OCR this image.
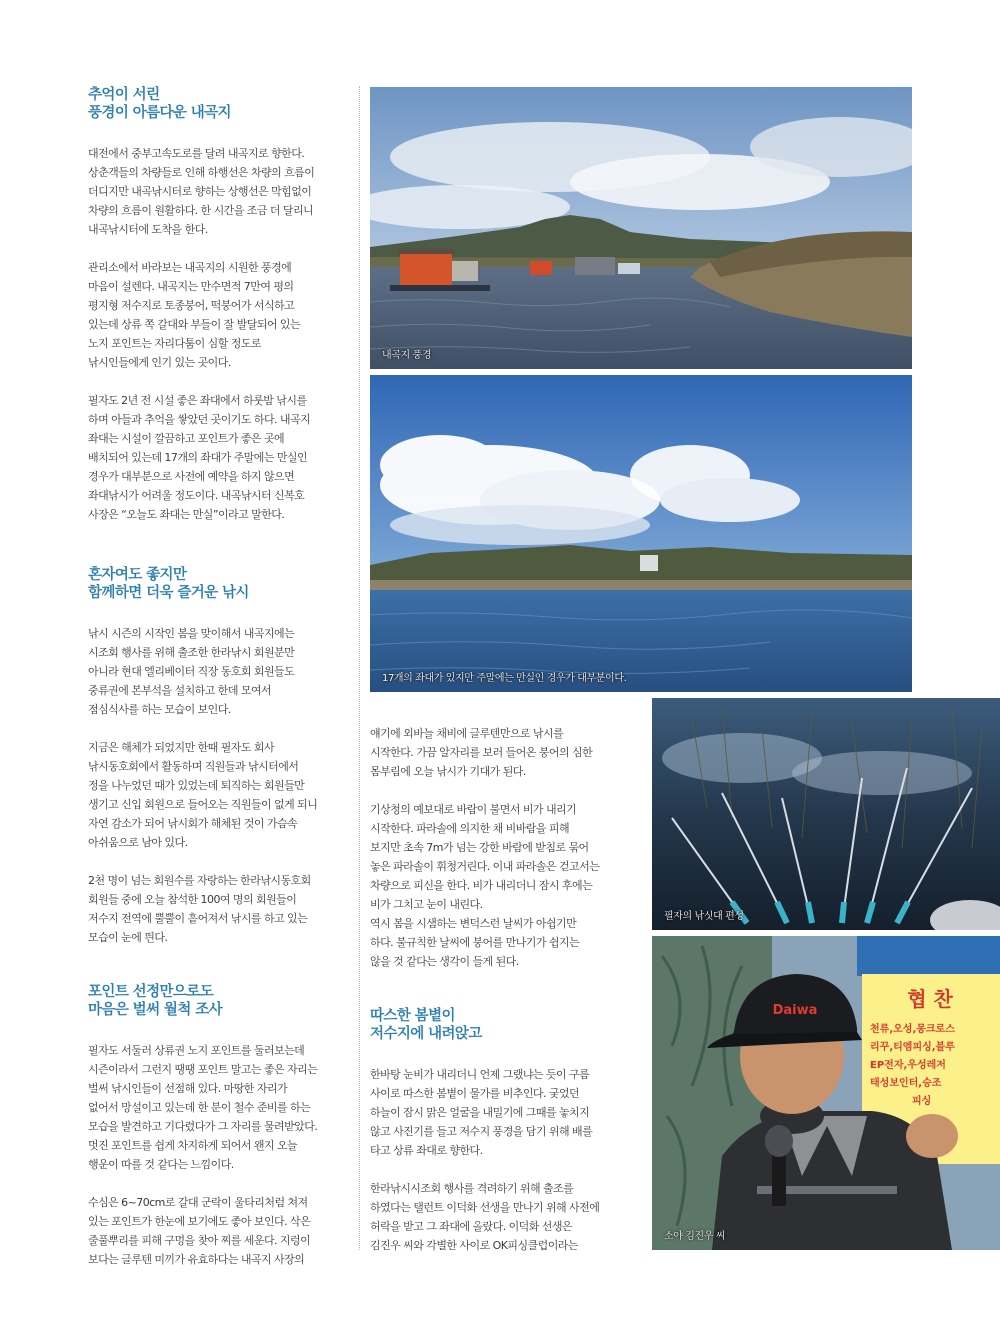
추억이 서린
풍경이 아름다운 내곡지
대전에서 중부고속도로를 달려 내곡지로 향한다.
상춘객들의 차량들로 인해 하행선은 차량의 흐름이
더디지만 내곡낚시터로 향하는 상행선은 막힘없이
차량의 흐름이 원활하다. 한 시간을 조금 더 달리니
내곡낚시터에 도착을 한다.
관리소에서 바라보는 내곡지의 시원한 풍경에
마음이 설렌다. 내곡지는 만수면적 7만여 평의
평지형 저수지로 토종붕어, 떡붕어가 서식하고
있는데 상류 쪽 갈대와 부들이 잘 발달되어 있는
노지 포인트는 자리다툼이 심할 정도로
낚시인들에게 인기 있는 곳이다.
필자도 2년 전 시설 좋은 좌대에서 하룻밤 낚시를
하며 아들과 추억을 쌓았던 곳이기도 하다. 내곡지
좌대는 시설이 깔끔하고 포인트가 좋은 곳에
배치되어 있는데 17개의 좌대가 주말에는 만실인
경우가 대부분으로 사전에 예약을 하지 않으면
좌대낚시가 어려울 정도이다. 내곡낚시터 신복호
사장은 “오늘도 좌대는 만실”이라고 말한다.
혼자여도 좋지만
함께하면 더욱 즐거운 낚시
낚시 시즌의 시작인 봄을 맞이해서 내곡지에는
시조회 행사를 위해 출조한 한라낚시 회원분만
아니라 현대 엘리베이터 직장 동호회 회원들도
중류권에 본부석을 설치하고 한데 모여서
점심식사를 하는 모습이 보인다.
지금은 해체가 되었지만 한때 필자도 회사
낚시동호회에서 활동하며 직원들과 낚시터에서
정을 나누었던 때가 있었는데 퇴직하는 회원들만
생기고 신입 회원으로 들어오는 직원들이 없게 되니
자연 감소가 되어 낚시회가 해체된 것이 가슴속
아쉬움으로 남아 있다.
2천 명이 넘는 회원수를 자랑하는 한라낚시동호회
회원들 중에 오늘 참석한 100여 명의 회원들이
저수지 전역에 뿔뿔이 흩어져서 낚시를 하고 있는
모습이 눈에 띈다.
포인트 선정만으로도
마음은 벌써 월척 조사
필자도 서둘러 상류권 노지 포인트를 둘러보는데
시즌이라서 그런지 땡땡 포인트 말고는 좋은 자리는
벌써 낚시인들이 선점해 있다. 마땅한 자리가
없어서 망설이고 있는데 한 분이 철수 준비를 하는
모습을 발견하고 기다렸다가 그 자리를 물려받았다.
멋진 포인트를 쉽게 차지하게 되어서 왠지 오늘
행운이 따를 것 같다는 느낌이다.
수심은 6~70cm로 갈대 군락이 울타리처럼 쳐져
있는 포인트가 한눈에 보기에도 좋아 보인다. 삭은
줄풀뿌리를 피해 구멍을 찾아 찌를 세운다. 지렁이
보다는 글루텐 미끼가 유효하다는 내곡지 사장의
얘기에 외바늘 채비에 글루텐만으로 낚시를
시작한다. 가끔 알자리를 보러 들어온 붕어의 심한
몸부림에 오늘 낚시가 기대가 된다.
기상청의 예보대로 바람이 불면서 비가 내리기
시작한다. 파라솔에 의지한 채 비바람을 피해
보지만 초속 7m가 넘는 강한 바람에 받침로 묶어
놓은 파라솔이 휘청거린다. 이내 파라솔은 걷고서는
차량으로 피신을 한다. 비가 내리더니 잠시 후에는
비가 그치고 눈이 내린다.
역시 봄을 시샘하는 변덕스런 날씨가 아쉽기만
하다. 불규칙한 날씨에 붕어를 만나기가 쉽지는
않을 것 같다는 생각이 들게 된다.
따스한 봄볕이
저수지에 내려앉고
한바탕 눈비가 내리더니 언제 그랬냐는 듯이 구름
사이로 따스한 봄볕이 물가를 비추인다. 궂었던
하늘이 잠시 맑은 얼굴을 내밀기에 그때를 놓치지
않고 사진기를 들고 저수지 풍경을 담기 위해 배를
타고 상류 좌대로 향한다.
한라낚시시조회 행사를 격려하기 위해 출조를
하였다는 탤런트 이덕화 선생을 만나기 위해 사전에
허락을 받고 그 좌대에 올랐다. 이덕화 선생은
김진우 씨와 각별한 사이로 OK피싱클럽이라는
내곡지 풍경
17개의 좌대가 있지만 주말에는 만실인 경우가 대부분이다.
필자의 낚싯대 편성
협 찬
천류,오성,몽크로스
리꾸,티엠피싱,블루
EP전자,우성레저
태성보인터,승조
피싱
Daiwa
소야 김진우 씨
